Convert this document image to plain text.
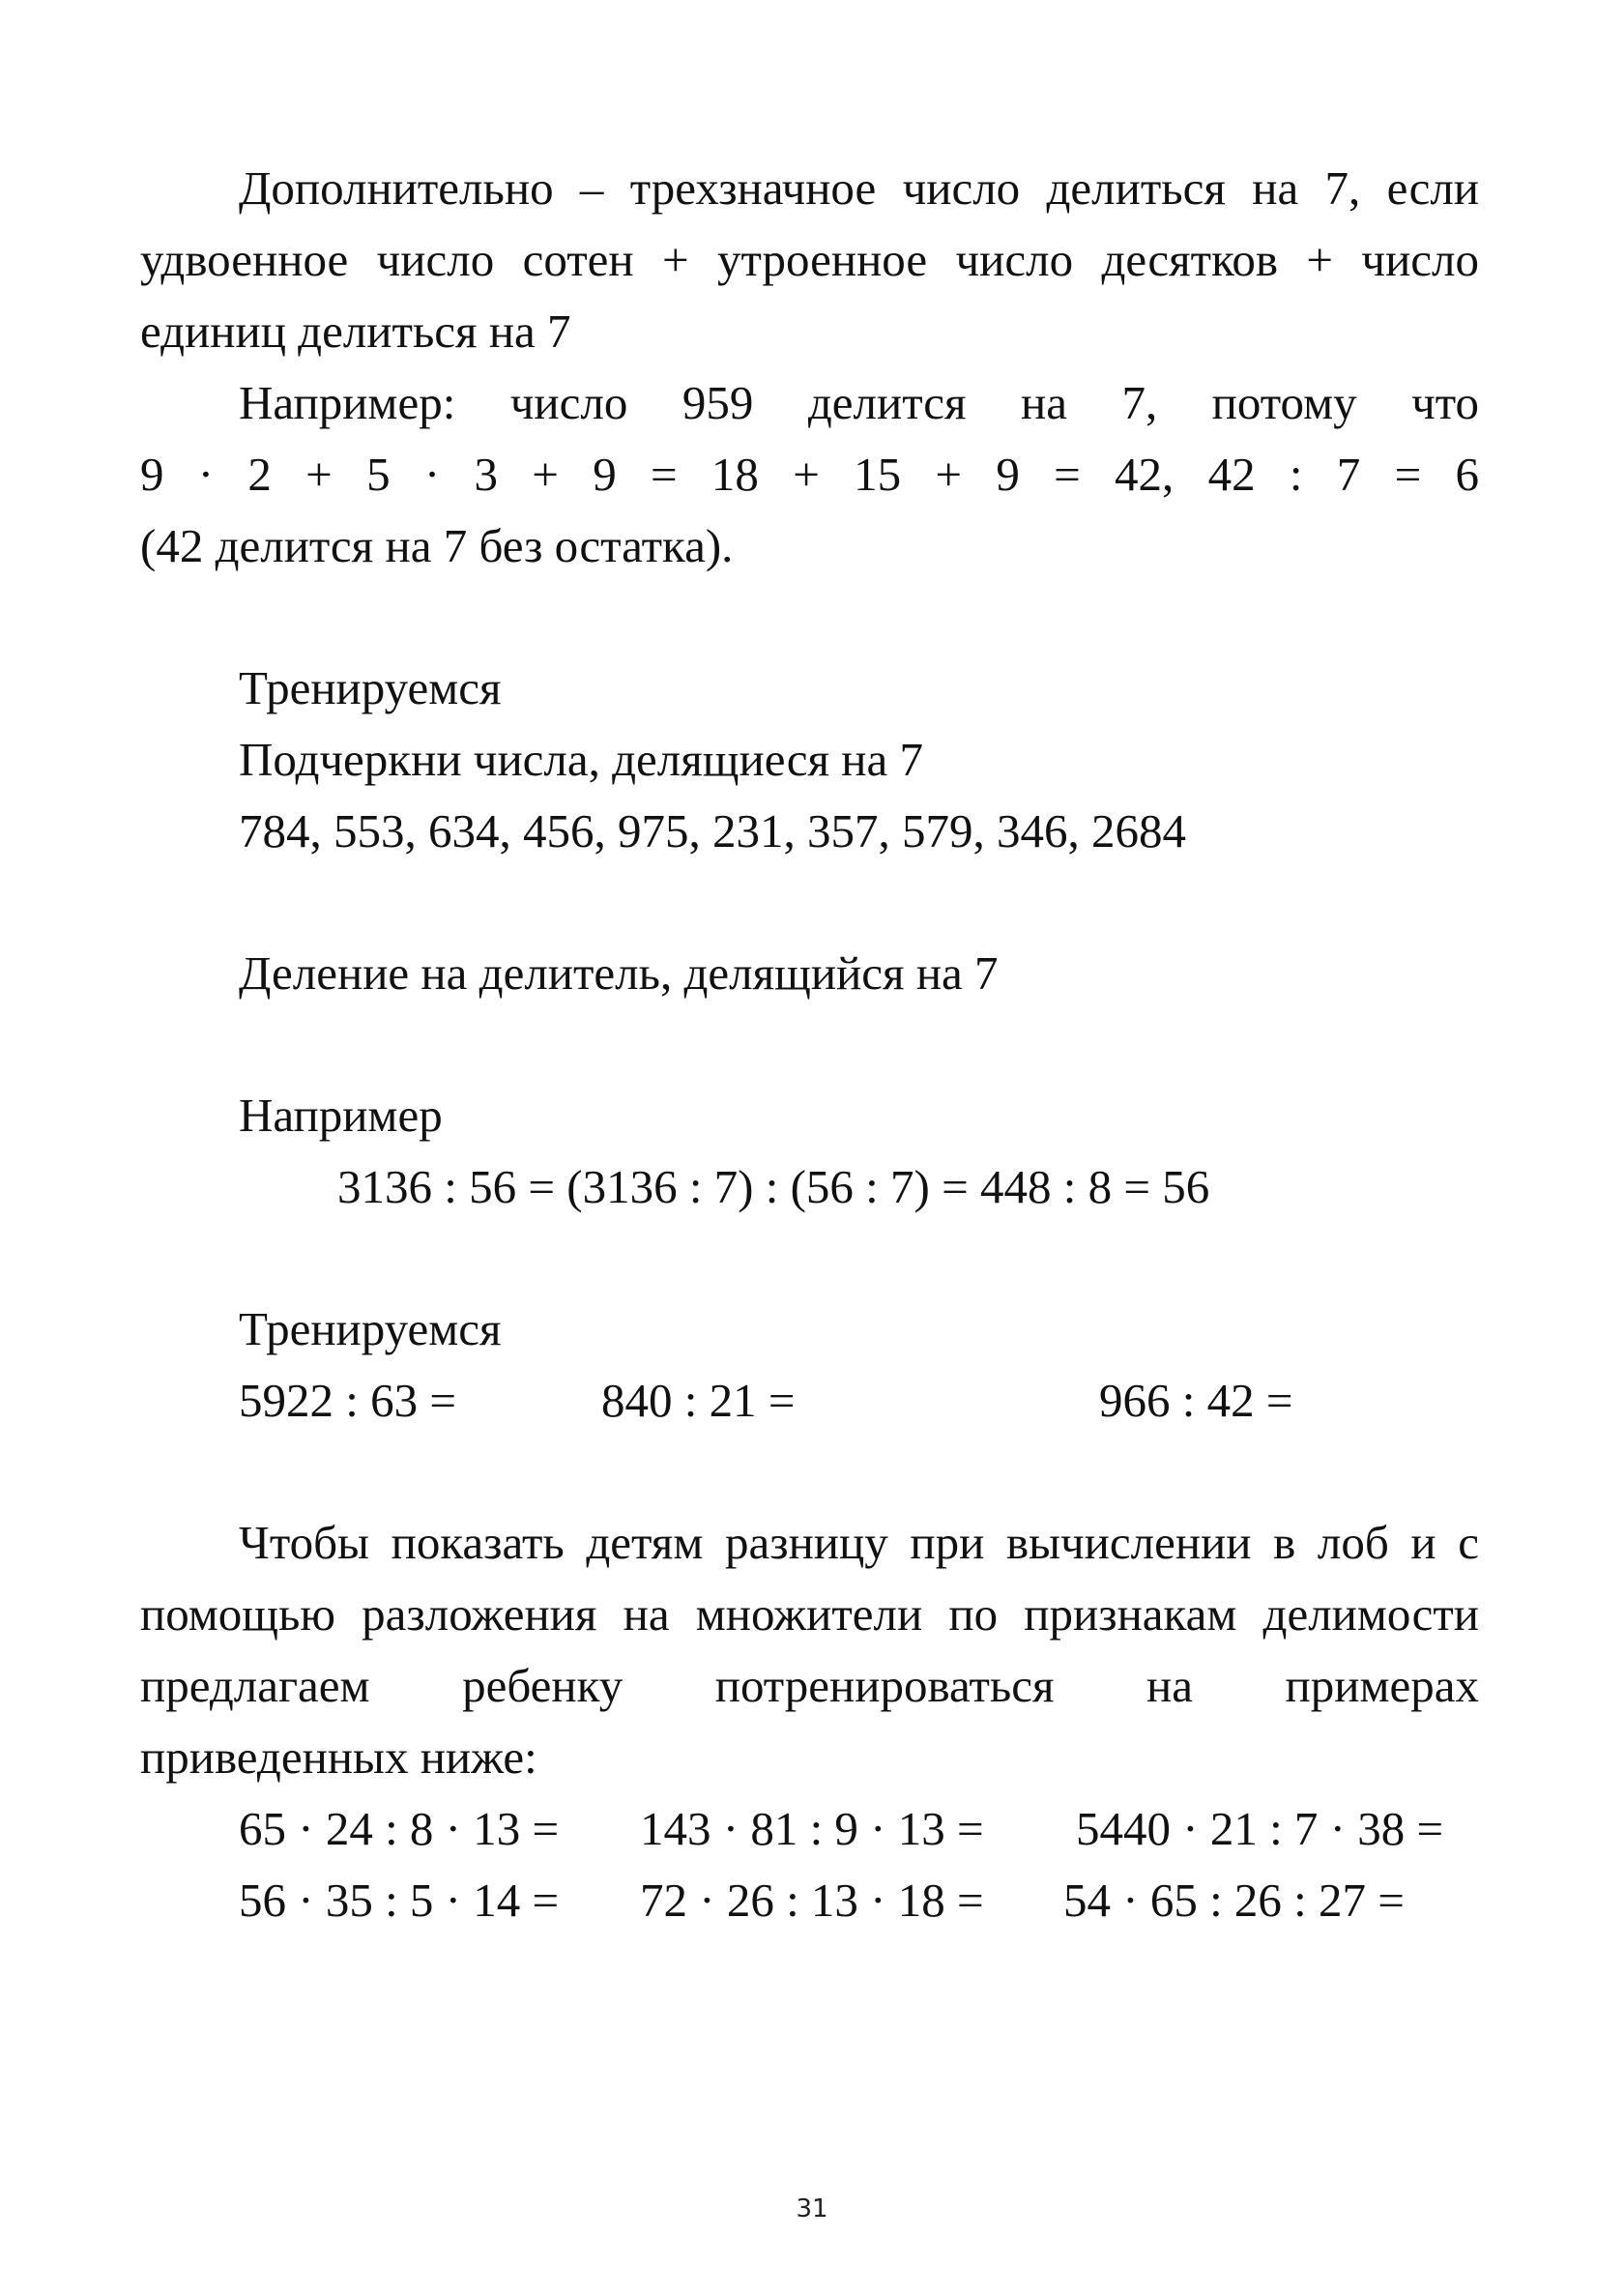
Дополнительно – трехзначное число делиться на 7, если
удвоенное число сотен + утроенное число десятков + число
единиц делиться на 7
Например: число 959 делится на 7, потому что
9 · 2 + 5 · 3 + 9 = 18 + 15 + 9 = 42, 42 : 7 = 6
(42 делится на 7 без остатка).
Тренируемся
Подчеркни числа, делящиеся на 7
784, 553, 634, 456, 975, 231, 357, 579, 346, 2684
Деление на делитель, делящийся на 7
Например
3136 : 56 = (3136 : 7) : (56 : 7) = 448 : 8 = 56
Тренируемся
5922 : 63 =	840 : 21 =	966 : 42 =
Чтобы показать детям разницу при вычислении в лоб и с
помощью разложения на множители по признакам делимости
предлагаем ребенку потренироваться на примерах
приведенных ниже:
65 · 24 : 8 · 13 = 143 · 81 : 9 · 13 = 5440 · 21 : 7 · 38 =
56 · 35 : 5 · 14 = 72 · 26 : 13 · 18 = 54 · 65 : 26 : 27 =
31
